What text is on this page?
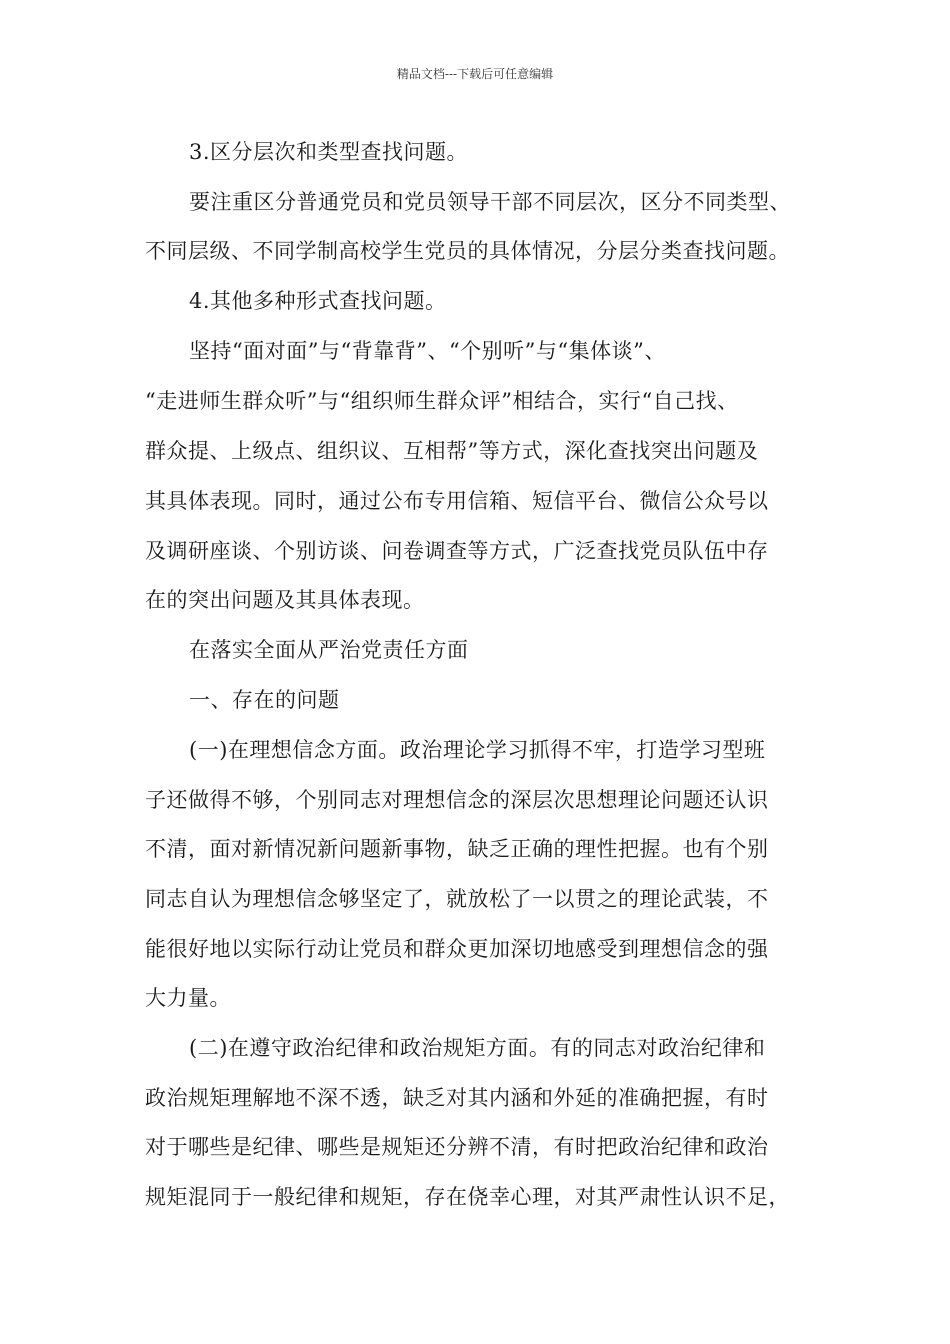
精品文档---下载后可任意编辑
3.区分层次和类型查找问题。
要注重区分普通党员和党员领导干部不同层次，区分不同类型、
不同层级、不同学制高校学生党员的具体情况，分层分类查找问题。
4.其他多种形式查找问题。
坚持“面对面”与“背靠背”、“个别听”与“集体谈”、
“走进师生群众听”与“组织师生群众评”相结合，实行“自己找、
群众提、上级点、组织议、互相帮”等方式，深化查找突出问题及
其具体表现。同时，通过公布专用信箱、短信平台、微信公众号以
及调研座谈、个别访谈、问卷调查等方式，广泛查找党员队伍中存
在的突出问题及其具体表现。
在落实全面从严治党责任方面
一、存在的问题
(一)在理想信念方面。政治理论学习抓得不牢，打造学习型班
子还做得不够，个别同志对理想信念的深层次思想理论问题还认识
不清，面对新情况新问题新事物，缺乏正确的理性把握。也有个别
同志自认为理想信念够坚定了，就放松了一以贯之的理论武装，不
能很好地以实际行动让党员和群众更加深切地感受到理想信念的强
大力量。
(二)在遵守政治纪律和政治规矩方面。有的同志对政治纪律和
政治规矩理解地不深不透，缺乏对其内涵和外延的准确把握，有时
对于哪些是纪律、哪些是规矩还分辨不清，有时把政治纪律和政治
规矩混同于一般纪律和规矩，存在侥幸心理，对其严肃性认识不足，
